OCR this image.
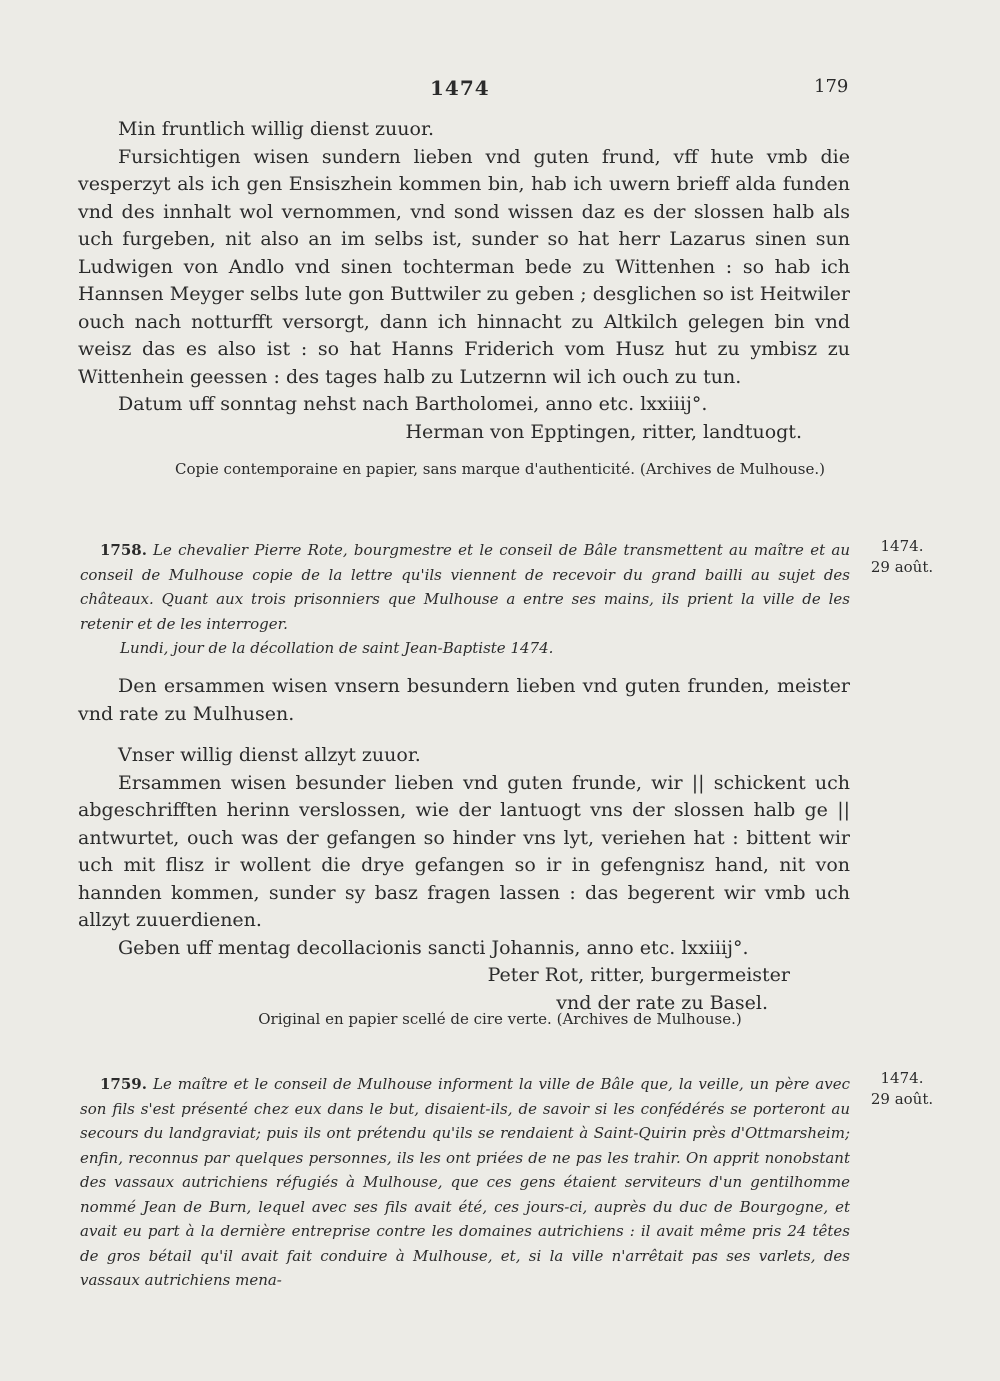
1474	179

Min fruntlich willig dienst zuuor.

Fursichtigen wisen sundern lieben vnd guten frund, vff hute vmb die vesperzyt als ich gen Ensiszhein kommen bin, hab ich uwern brieff alda funden vnd des innhalt wol vernommen, vnd sond wissen daz es der slossen halb als uch furgeben, nit also an im selbs ist, sunder so hat herr Lazarus sinen sun Ludwigen von Andlo vnd sinen tochterman bede zu Wittenhen : so hab ich Hannsen Meyger selbs lute gon Buttwiler zu geben ; desglichen so ist Heitwiler ouch nach notturfft versorgt, dann ich hinnacht zu Altkilch gelegen bin vnd weisz das es also ist : so hat Hanns Friderich vom Husz hut zu ymbisz zu Wittenhein geessen : des tages halb zu Lutzernn wil ich ouch zu tun.

Datum uff sonntag nehst nach Bartholomei, anno etc. lxxiiij°.

Herman von Epptingen, ritter, landtuogt.

Copie contemporaine en papier, sans marque d'authenticité. (Archives de Mulhouse.)

1758. Le chevalier Pierre Rote, bourgmestre et le conseil de Bâle transmettent au maître et au conseil de Mulhouse copie de la lettre qu'ils viennent de recevoir du grand bailli au sujet des châteaux. Quant aux trois prisonniers que Mulhouse a entre ses mains, ils prient la ville de les retenir et de les interroger.

Lundi, jour de la décollation de saint Jean-Baptiste 1474.
1474.
29 août.

Den ersammen wisen vnsern besundern lieben vnd guten frunden, meister vnd rate zu Mulhusen.

Vnser willig dienst allzyt zuuor.

Ersammen wisen besunder lieben vnd guten frunde, wir || schickent uch abgeschrifften herinn verslossen, wie der lantuogt vns der slossen halb ge || antwurtet, ouch was der gefangen so hinder vns lyt, veriehen hat : bittent wir uch mit flisz ir wollent die drye gefangen so ir in gefengnisz hand, nit von hannden kommen, sunder sy basz fragen lassen : das begerent wir vmb uch allzyt zuuerdienen.

Geben uff mentag decollacionis sancti Johannis, anno etc. lxxiiij°.

Peter Rot, ritter, burgermeister

vnd der rate zu Basel.

Original en papier scellé de cire verte. (Archives de Mulhouse.)

1759. Le maître et le conseil de Mulhouse informent la ville de Bâle que, la veille, un père avec son fils s'est présenté chez eux dans le but, disaient-ils, de savoir si les confédérés se porteront au secours du landgraviat; puis ils ont prétendu qu'ils se rendaient à Saint-Quirin près d'Ottmarsheim; enfin, reconnus par quelques personnes, ils les ont priées de ne pas les trahir. On apprit nonobstant des vassaux autrichiens réfugiés à Mulhouse, que ces gens étaient serviteurs d'un gentilhomme nommé Jean de Burn, lequel avec ses fils avait été, ces jours-ci, auprès du duc de Bourgogne, et avait eu part à la dernière entreprise contre les domaines autrichiens : il avait même pris 24 têtes de gros bétail qu'il avait fait conduire à Mulhouse, et, si la ville n'arrêtait pas ses varlets, des vassaux autrichiens mena-

1474.
29 août.
